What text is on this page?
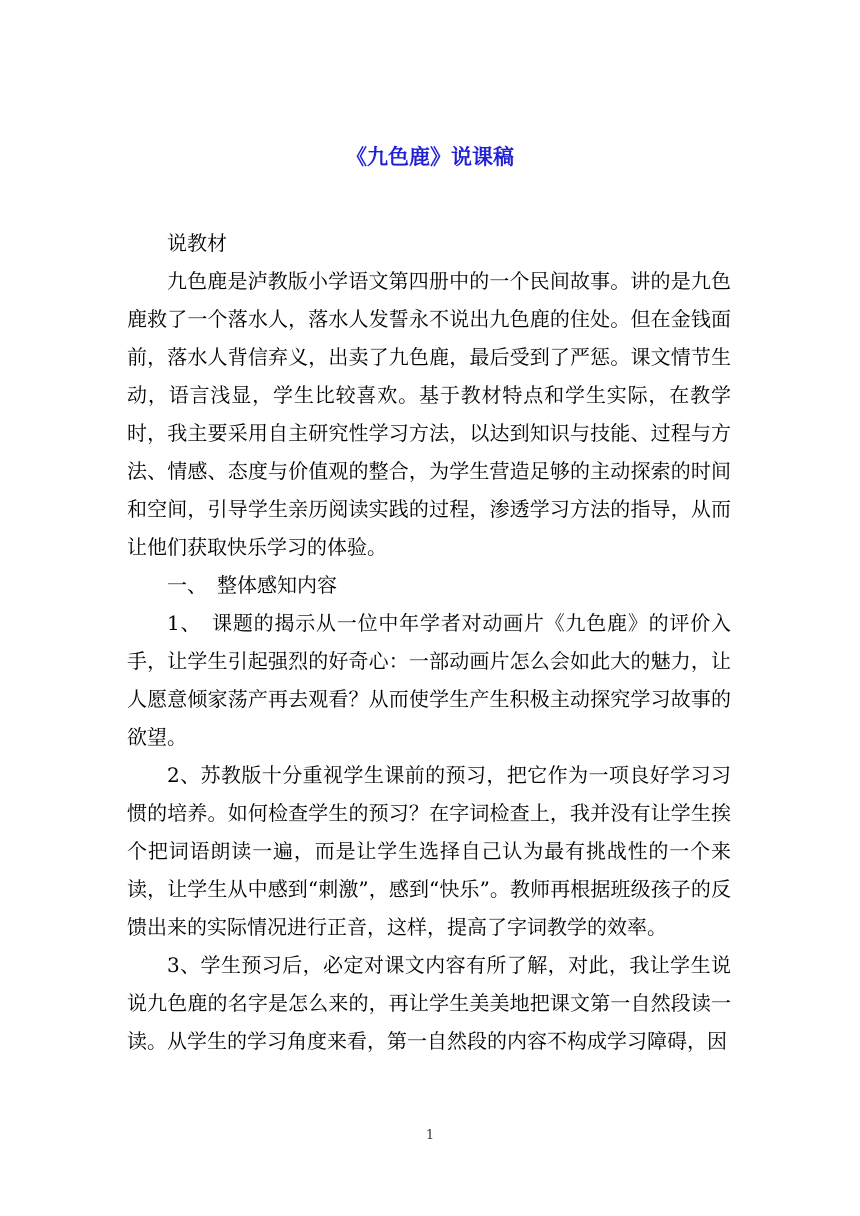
《九色鹿》说课稿

说教材

九色鹿是泸教版小学语文第四册中的一个民间故事。讲的是九色鹿救了一个落水人，落水人发誓永不说出九色鹿的住处。但在金钱面前，落水人背信弃义，出卖了九色鹿，最后受到了严惩。课文情节生动，语言浅显，学生比较喜欢。基于教材特点和学生实际，在教学时，我主要采用自主研究性学习方法，以达到知识与技能、过程与方法、情感、态度与价值观的整合，为学生营造足够的主动探索的时间和空间，引导学生亲历阅读实践的过程，渗透学习方法的指导，从而让他们获取快乐学习的体验。

一、　整体感知内容

1、　课题的揭示从一位中年学者对动画片《九色鹿》的评价入手，让学生引起强烈的好奇心：一部动画片怎么会如此大的魅力，让人愿意倾家荡产再去观看？从而使学生产生积极主动探究学习故事的欲望。

2、苏教版十分重视学生课前的预习，把它作为一项良好学习习惯的培养。如何检查学生的预习？在字词检查上，我并没有让学生挨个把词语朗读一遍，而是让学生选择自己认为最有挑战性的一个来读，让学生从中感到“刺激”，感到“快乐”。教师再根据班级孩子的反馈出来的实际情况进行正音，这样，提高了字词教学的效率。

3、学生预习后，必定对课文内容有所了解，对此，我让学生说说九色鹿的名字是怎么来的，再让学生美美地把课文第一自然段读一读。从学生的学习角度来看，第一自然段的内容不构成学习障碍，因

1
